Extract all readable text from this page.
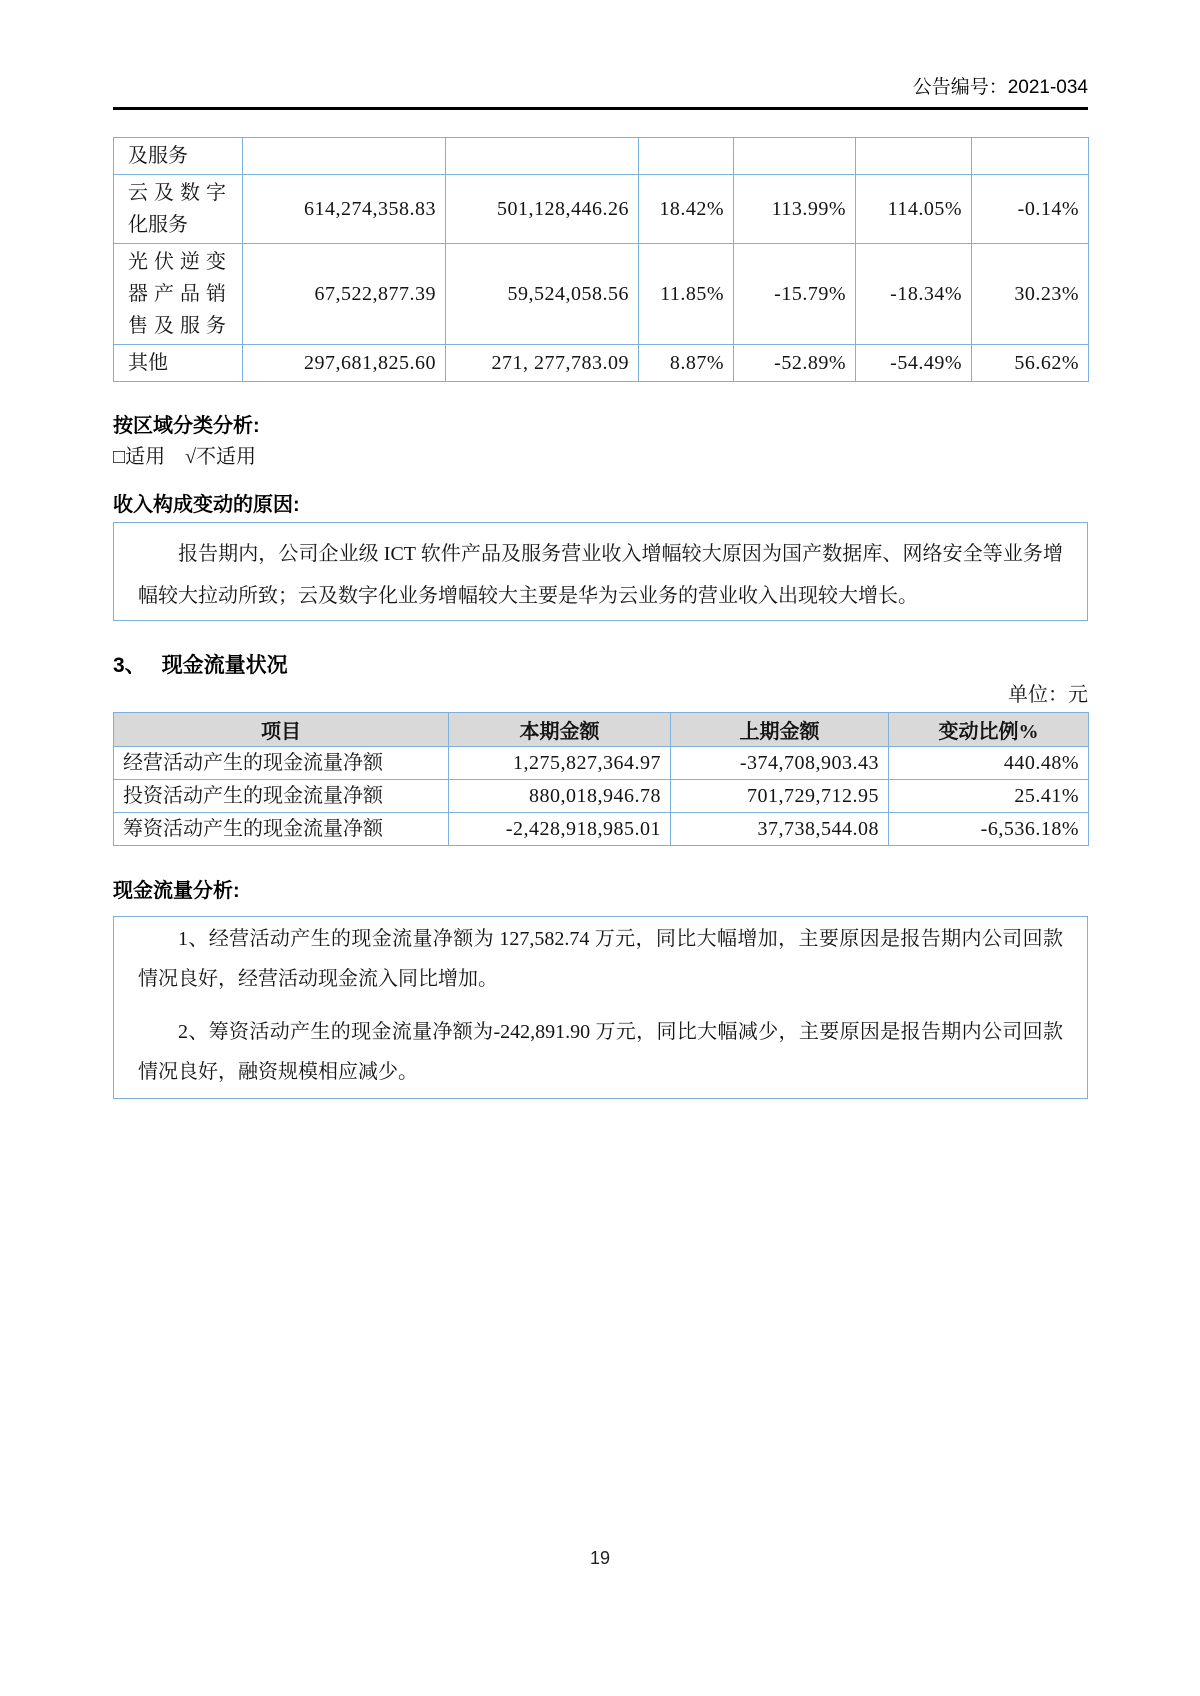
公告编号：2021-034
及服务						
云及数字化服务	614,274,358.83	501,128,446.26	18.42%	113.99%	114.05%	-0.14%
光伏逆变器产品销售及服务	67,522,877.39	59,524,058.56	11.85%	-15.79%	-18.34%	30.23%
其他	297,681,825.60	271, 277,783.09	8.87%	-52.89%	-54.49%	56.62%

按区域分类分析:

□适用　√不适用

收入构成变动的原因:

报告期内，公司企业级 ICT 软件产品及服务营业收入增幅较大原因为国产数据库、网络安全等业务增幅较大拉动所致；云及数字化业务增幅较大主要是华为云业务的营业收入出现较大增长。

3、 现金流量状况

单位：元
项目	本期金额	上期金额	变动比例%
经营活动产生的现金流量净额	1,275,827,364.97	-374,708,903.43	440.48%
投资活动产生的现金流量净额	880,018,946.78	701,729,712.95	25.41%
筹资活动产生的现金流量净额	-2,428,918,985.01	37,738,544.08	-6,536.18%

现金流量分析:

1、经营活动产生的现金流量净额为 127,582.74 万元，同比大幅增加，主要原因是报告期内公司回款情况良好，经营活动现金流入同比增加。

2、筹资活动产生的现金流量净额为-242,891.90 万元，同比大幅减少，主要原因是报告期内公司回款情况良好，融资规模相应减少。

19
